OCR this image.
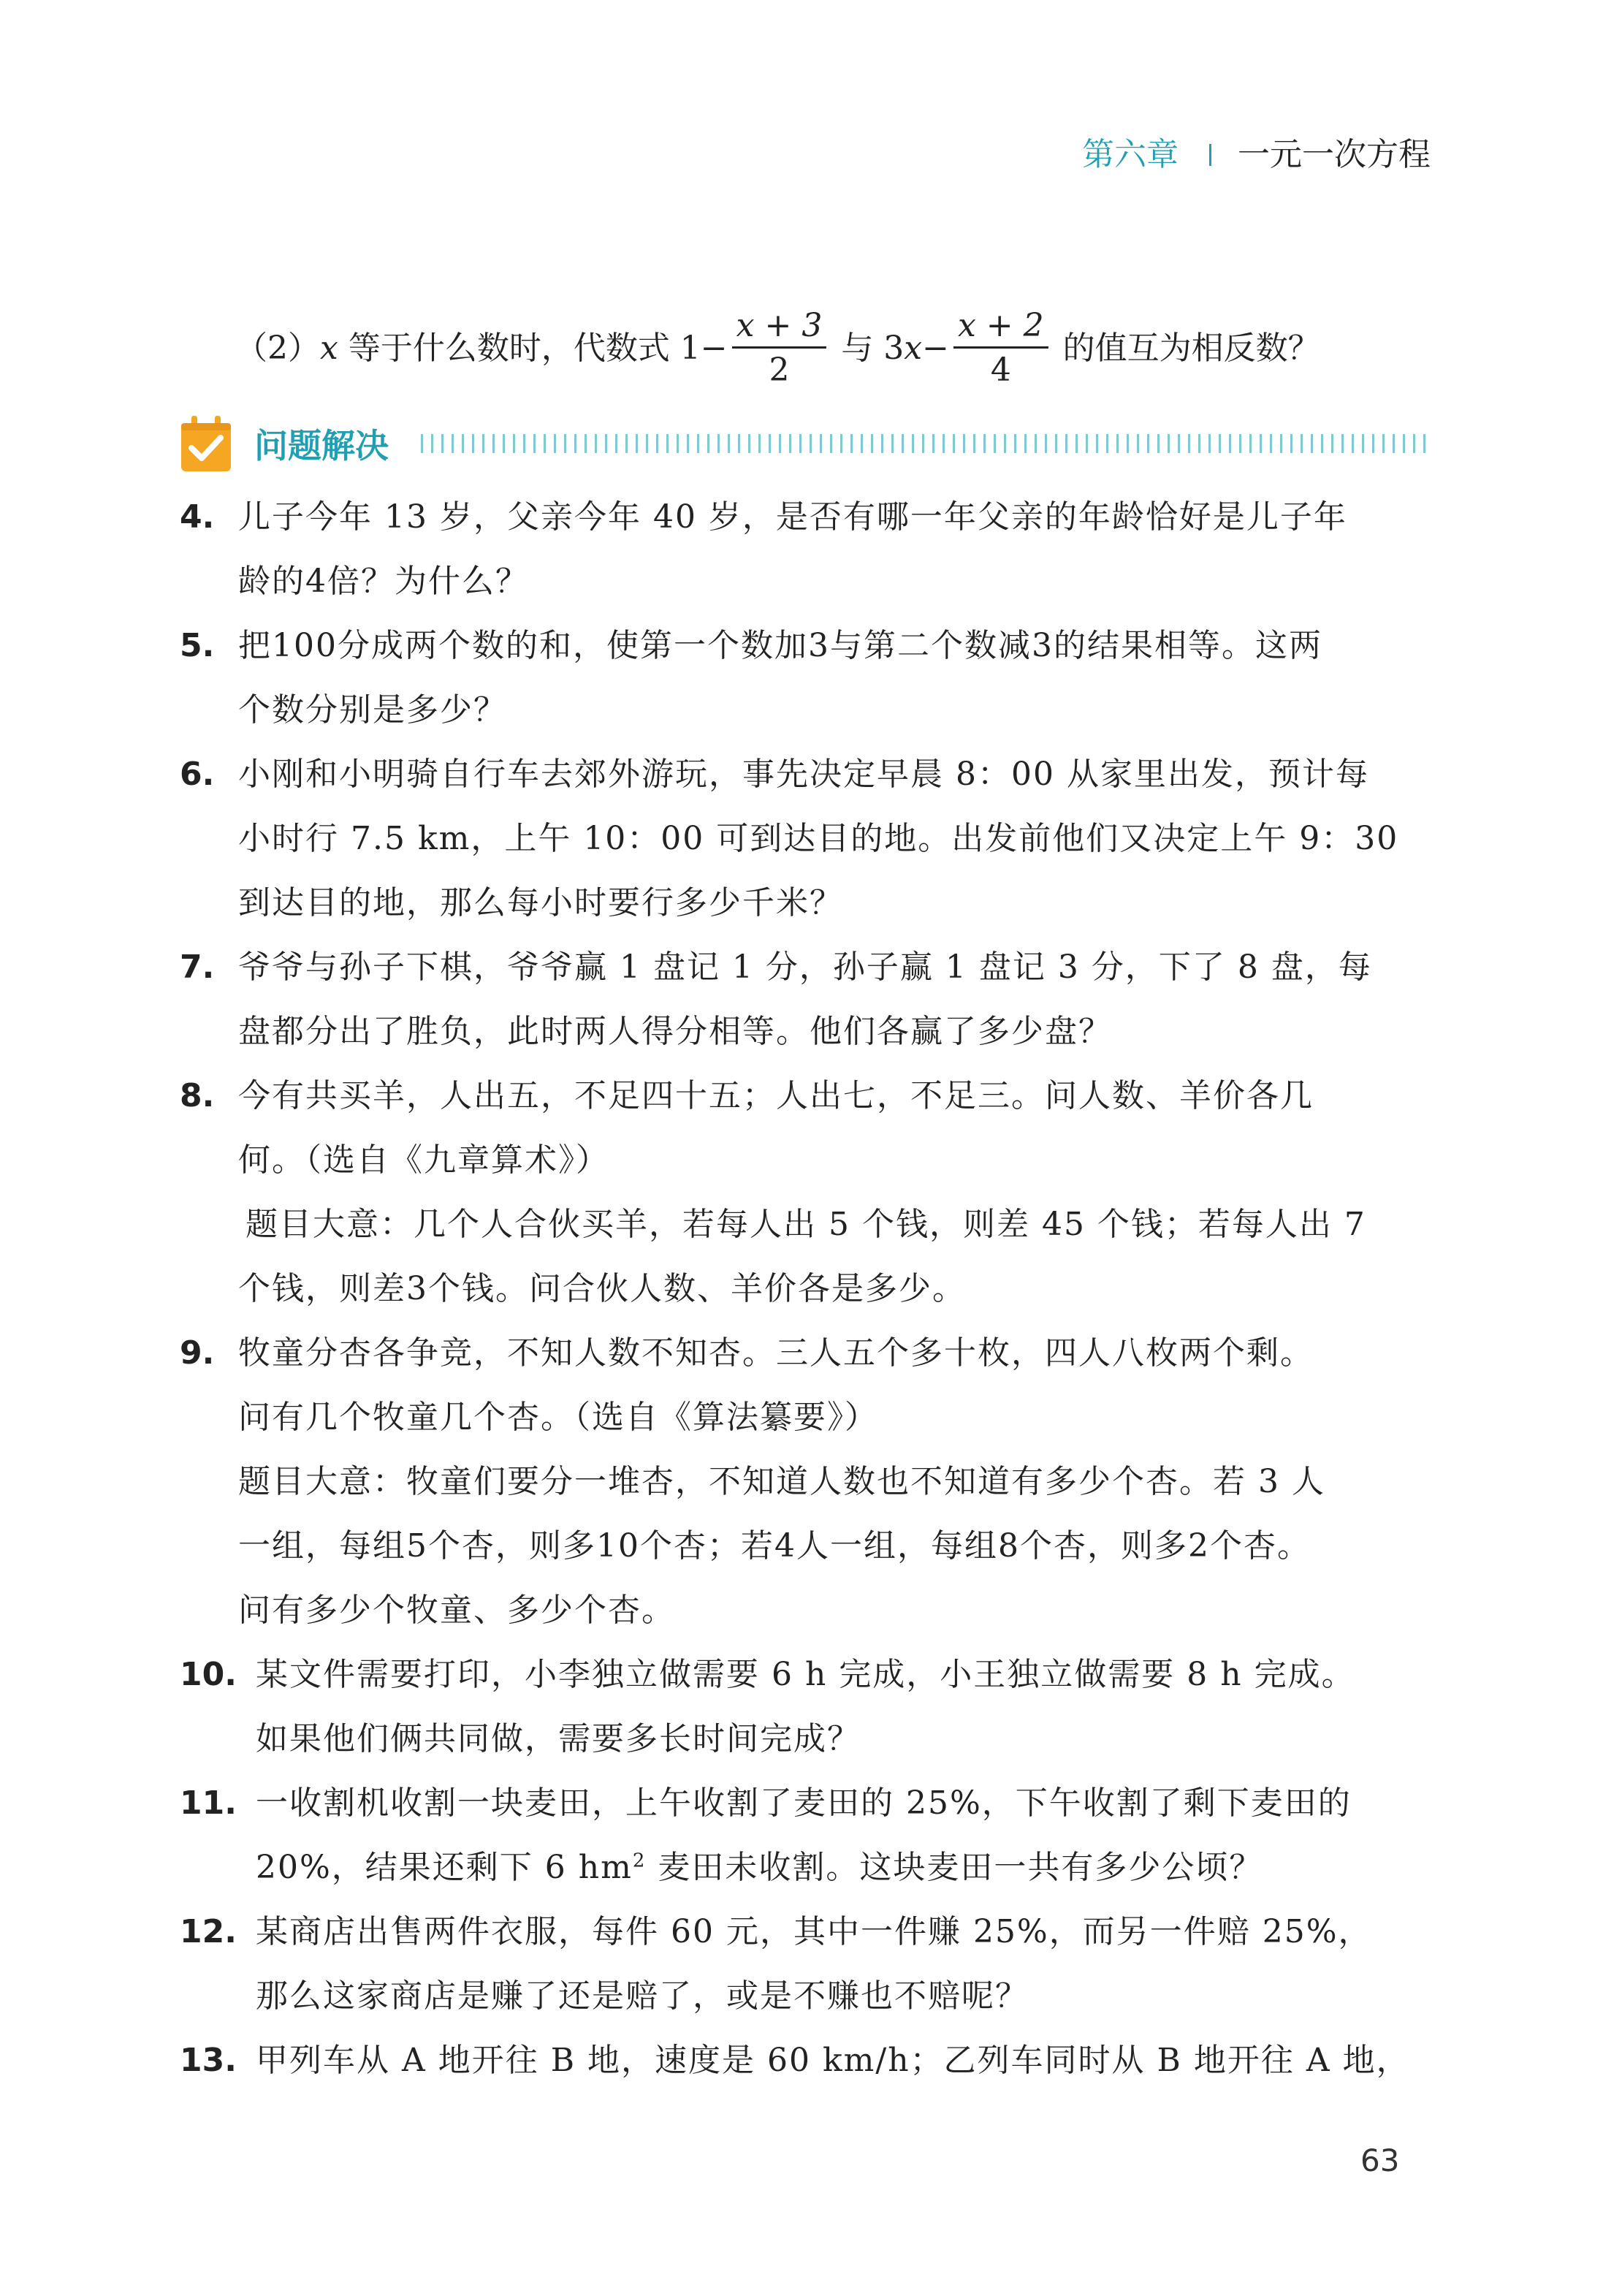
第六章 一元一次方程
（2） x 等于什么数时，代数式 $1- \frac{x + 3}{2}$ 与 3 $x - \frac{x + 2}{4}$ 的值互为相反数？
问题解决
4. 儿子今年 13 岁，父亲今年 40 岁，是否有哪一年父亲的年龄恰好是儿子年
龄的4倍？为什么？
5. 把100分成两个数的和，使第一个数加3与第二个数减3的结果相等。这两
个数分别是多少？
6. 小刚和小明骑自行车去郊外游玩，事先决定早晨 8：00 从家里出发，预计每
小时行 7.5 km，上午 10：00 可到达目的地。出发前他们又决定上午 9：30
到达目的地，那么每小时要行多少千米？
7. 爷爷与孙子下棋，爷爷赢 1 盘记 1 分，孙子赢 1 盘记 3 分，下了 8 盘，每
盘都分出了胜负，此时两人得分相等。他们各赢了多少盘？
8. 今有共买羊，人出五，不足四十五；人出七，不足三。问人数、羊价各几
何。（选自《九章算术》）
题目大意：几个人合伙买羊，若每人出 5 个钱，则差 45 个钱；若每人出 7
个钱，则差3个钱。问合伙人数、羊价各是多少。
9. 牧童分杏各争竞，不知人数不知杏。三人五个多十枚，四人八枚两个剩。
问有几个牧童几个杏。（选自《算法纂要》）
题目大意：牧童们要分一堆杏，不知道人数也不知道有多少个杏。若 3 人
一组，每组5个杏，则多10个杏；若4人一组，每组8个杏，则多2个杏。
问有多少个牧童、多少个杏。
10. 某文件需要打印，小李独立做需要 6 h 完成，小王独立做需要 8 h 完成。
如果他们俩共同做，需要多长时间完成？
11. 一收割机收割一块麦田，上午收割了麦田的 25%，下午收割了剩下麦田的
20%，结果还剩下 6 $hm^2$ 麦田未收割。这块麦田一共有多少公顷？
12. 某商店出售两件衣服，每件 60 元，其中一件赚 25%，而另一件赔 25%，
那么这家商店是赚了还是赔了，或是不赚也不赔呢？
13. 甲列车从 A 地开往 B 地，速度是 60 km/h；乙列车同时从 B 地开往 A 地，
63
